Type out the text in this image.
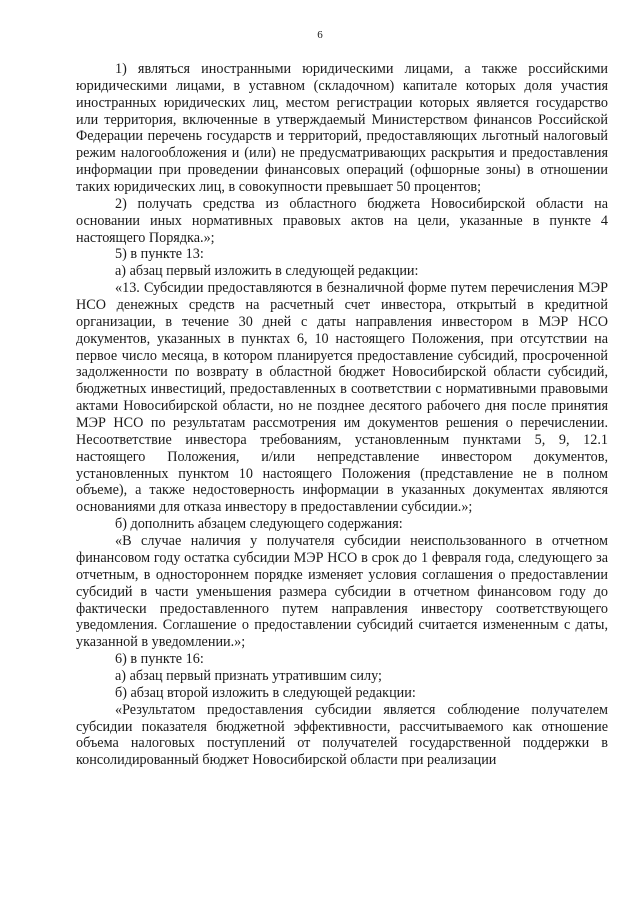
6

1) являться иностранными юридическими лицами, а также российскими юридическими лицами, в уставном (складочном) капитале которых доля участия иностранных юридических лиц, местом регистрации которых является государство или территория, включенные в утверждаемый Министерством финансов Российской Федерации перечень государств и территорий, предоставляющих льготный налоговый режим налогообложения и (или) не предусматривающих раскрытия и предоставления информации при проведении финансовых операций (офшорные зоны) в отношении таких юридических лиц, в совокупности превышает 50 процентов;

2) получать средства из областного бюджета Новосибирской области на основании иных нормативных правовых актов на цели, указанные в пункте 4 настоящего Порядка.»;

5) в пункте 13:

а) абзац первый изложить в следующей редакции:

«13. Субсидии предоставляются в безналичной форме путем перечисления МЭР НСО денежных средств на расчетный счет инвестора, открытый в кредитной организации, в течение 30 дней с даты направления инвестором в МЭР НСО документов, указанных в пунктах 6, 10 настоящего Положения, при отсутствии на первое число месяца, в котором планируется предоставление субсидий, просроченной задолженности по возврату в областной бюджет Новосибирской области субсидий, бюджетных инвестиций, предоставленных в соответствии с нормативными правовыми актами Новосибирской области, но не позднее десятого рабочего дня после принятия МЭР НСО по результатам рассмотрения им документов решения о перечислении. Несоответствие инвестора требованиям, установленным пунктами 5, 9, 12.1 настоящего Положения, и/или непредставление инвестором документов, установленных пунктом 10 настоящего Положения (представление не в полном объеме), а также недостоверность информации в указанных документах являются основаниями для отказа инвестору в предоставлении субсидии.»;

б) дополнить абзацем следующего содержания:

«В случае наличия у получателя субсидии неиспользованного в отчетном финансовом году остатка субсидии МЭР НСО в срок до 1 февраля года, следующего за отчетным, в одностороннем порядке изменяет условия соглашения о предоставлении субсидий в части уменьшения размера субсидии в отчетном финансовом году до фактически предоставленного путем направления инвестору соответствующего уведомления. Соглашение о предоставлении субсидий считается измененным с даты, указанной в уведомлении.»;

6) в пункте 16:

а) абзац первый признать утратившим силу;

б) абзац второй изложить в следующей редакции:

«Результатом предоставления субсидии является соблюдение получателем субсидии показателя бюджетной эффективности, рассчитываемого как отношение объема налоговых поступлений от получателей государственной поддержки в консолидированный бюджет Новосибирской области при реализации
